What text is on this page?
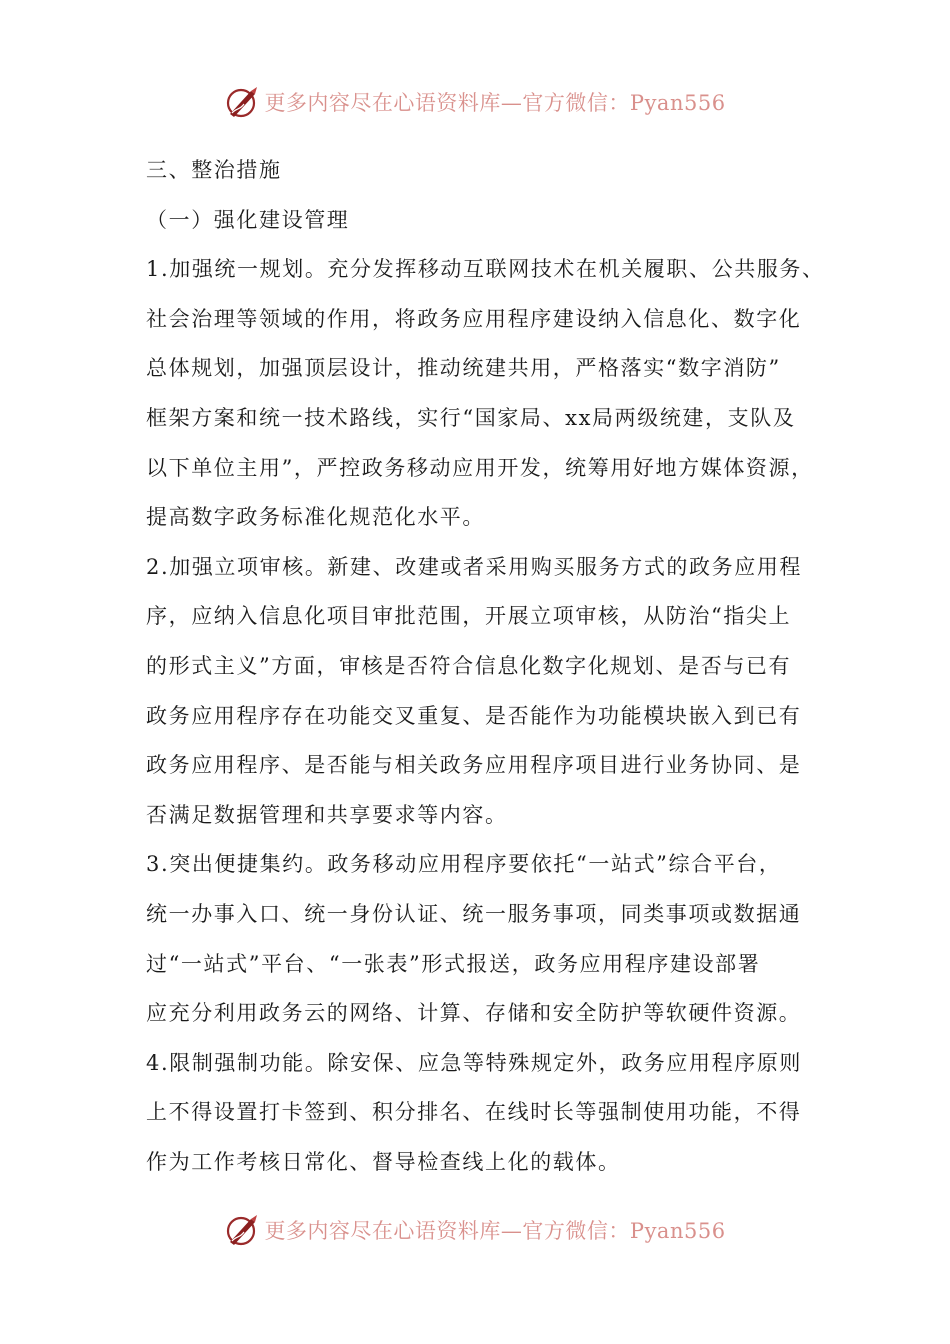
更多内容尽在心语资料库—官方微信：Pyan556
三、整治措施
（一）强化建设管理
1.加强统一规划。充分发挥移动互联网技术在机关履职、公共服务、
社会治理等领域的作用，将政务应用程序建设纳入信息化、数字化
总体规划，加强顶层设计，推动统建共用，严格落实“数字消防”
框架方案和统一技术路线，实行“国家局、xx局两级统建，支队及
以下单位主用”，严控政务移动应用开发，统筹用好地方媒体资源，
提高数字政务标准化规范化水平。
2.加强立项审核。新建、改建或者采用购买服务方式的政务应用程
序，应纳入信息化项目审批范围，开展立项审核，从防治“指尖上
的形式主义”方面，审核是否符合信息化数字化规划、是否与已有
政务应用程序存在功能交叉重复、是否能作为功能模块嵌入到已有
政务应用程序、是否能与相关政务应用程序项目进行业务协同、是
否满足数据管理和共享要求等内容。
3.突出便捷集约。政务移动应用程序要依托“一站式”综合平台，
统一办事入口、统一身份认证、统一服务事项，同类事项或数据通
过“一站式”平台、“一张表”形式报送，政务应用程序建设部署
应充分利用政务云的网络、计算、存储和安全防护等软硬件资源。
4.限制强制功能。除安保、应急等特殊规定外，政务应用程序原则
上不得设置打卡签到、积分排名、在线时长等强制使用功能，不得
作为工作考核日常化、督导检查线上化的载体。
更多内容尽在心语资料库—官方微信：Pyan556
